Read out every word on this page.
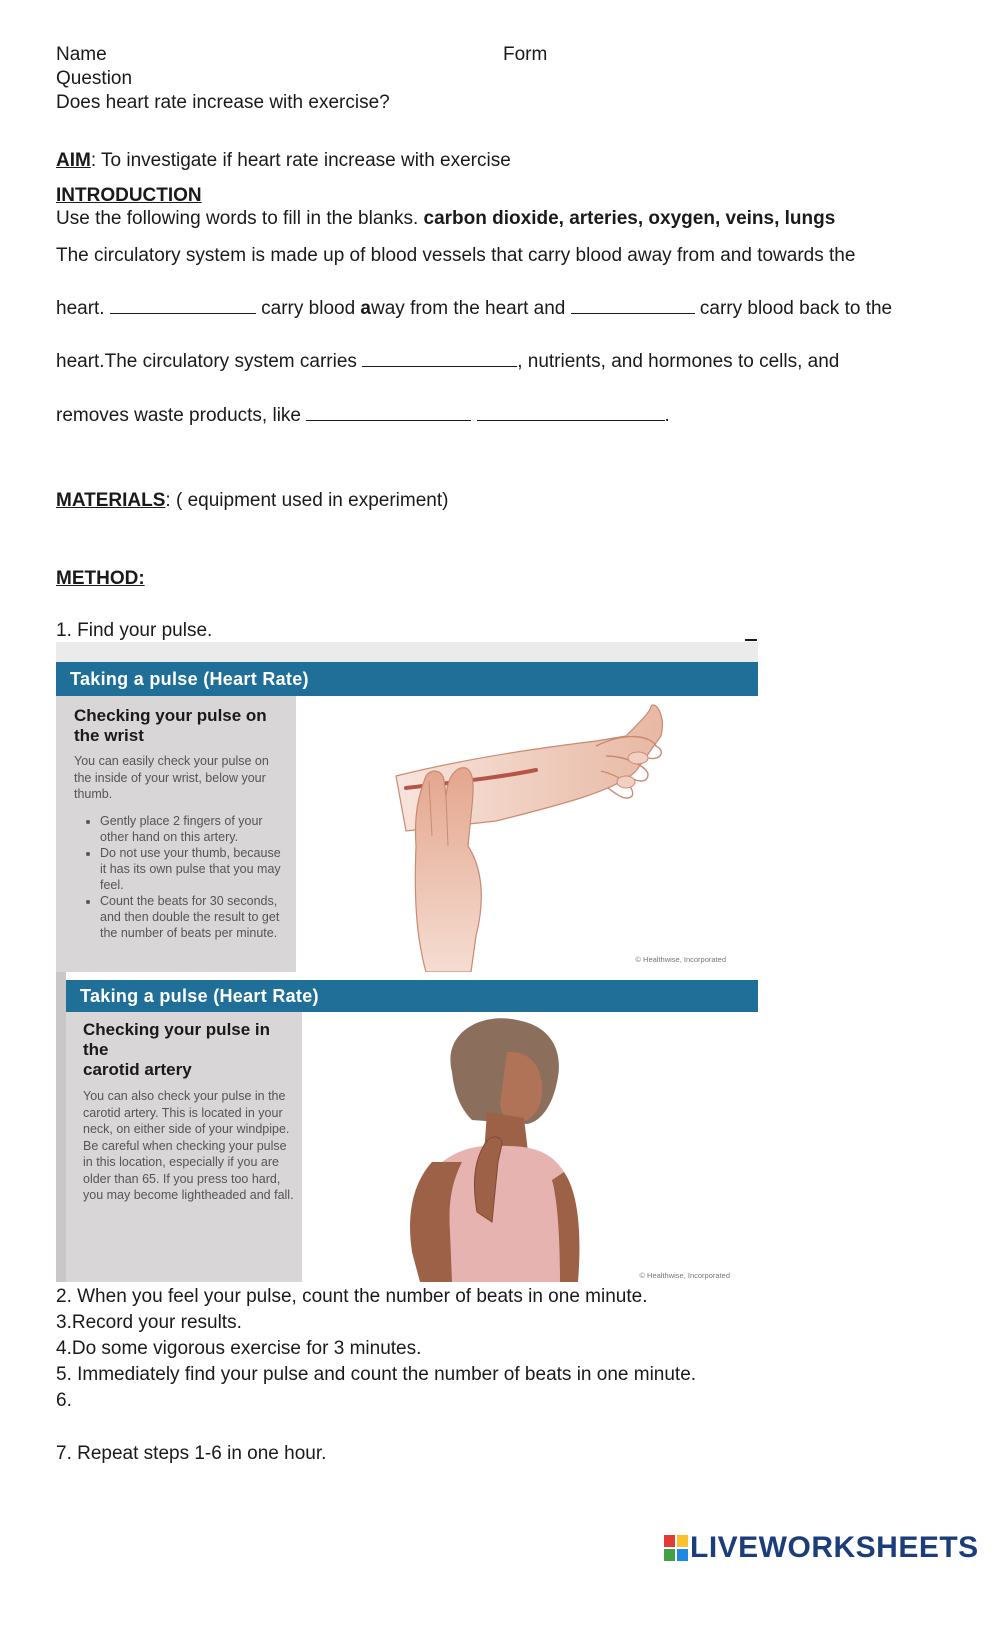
Name	Form
Question
Does heart rate increase with exercise?
AIM: To investigate if heart rate increase with exercise
INTRODUCTION
Use the following words to fill in the blanks. carbon dioxide, arteries, oxygen, veins, lungs
The circulatory system is made up of blood vessels that carry blood away from and towards the
heart.	carry blood away from the heart and	carry blood back to the
heart.The circulatory system carries	, nutrients, and hormones to cells, and
removes waste products, like	.
MATERIALS: ( equipment used in experiment)
METHOD:
1. Find your pulse.
Taking a pulse (Heart Rate)
Checking your pulse on
the wrist

You can easily check your pulse on

the inside of your wrist, below your

thumb.

• Gently place 2 fingers of your
other hand on this artery.
• Do not use your thumb, because
it has its own pulse that you may
feel.
• Count the beats for 30 seconds,
and then double the result to get
the number of beats per minute.
© Healthwise, Incorporated
Taking a pulse (Heart Rate)
Checking your pulse in the
carotid artery

You can also check your pulse in the

carotid artery. This is located in your

neck, on either side of your windpipe.

Be careful when checking your pulse

in this location, especially if you are

older than 65. If you press too hard,

you may become lightheaded and fall.

© Healthwise, Incorporated
2. When you feel your pulse, count the number of beats in one minute.
3.Record your results.
4.Do some vigorous exercise for 3 minutes.
5. Immediately find your pulse and count the number of beats in one minute.
6.
7. Repeat steps 1-6 in one hour.
LIVEWORKSHEETS
